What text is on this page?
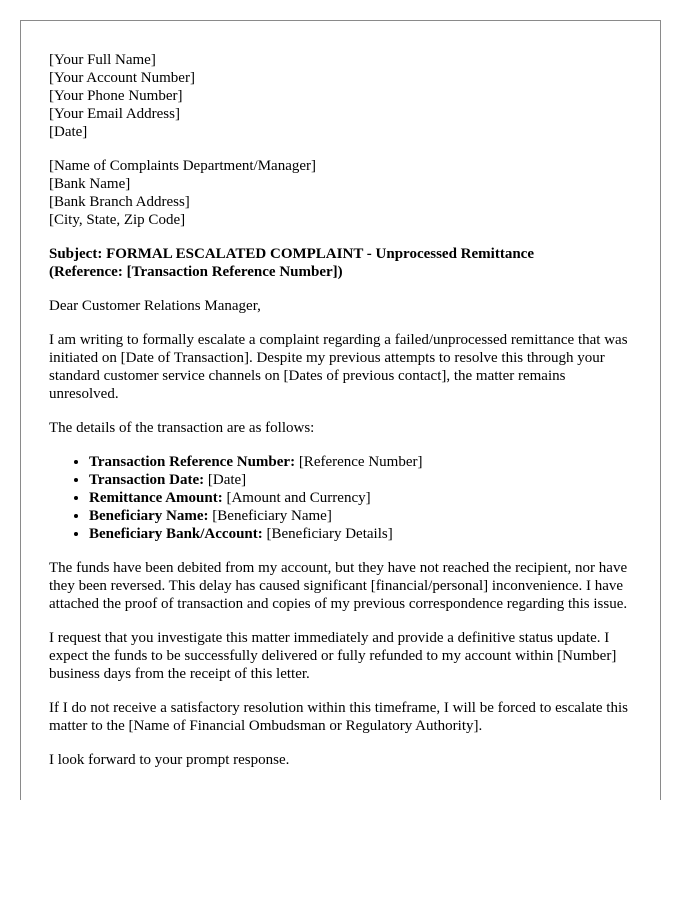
[Your Full Name]

[Your Account Number]

[Your Phone Number]

[Your Email Address]

[Date]

[Name of Complaints Department/Manager]

[Bank Name]

[Bank Branch Address]

[City, State, Zip Code]

Subject: FORMAL ESCALATED COMPLAINT - Unprocessed Remittance
(Reference: [Transaction Reference Number])

Dear Customer Relations Manager,

I am writing to formally escalate a complaint regarding a failed/unprocessed remittance that was initiated on [Date of Transaction]. Despite my previous attempts to resolve this through your standard customer service channels on [Dates of previous contact], the matter remains unresolved.

The details of the transaction are as follows:

• Transaction Reference Number: [Reference Number]
• Transaction Date: [Date]
• Remittance Amount: [Amount and Currency]
• Beneficiary Name: [Beneficiary Name]
• Beneficiary Bank/Account: [Beneficiary Details]

The funds have been debited from my account, but they have not reached the recipient, nor have they been reversed. This delay has caused significant [financial/personal] inconvenience. I have attached the proof of transaction and copies of my previous correspondence regarding this issue.

I request that you investigate this matter immediately and provide a definitive status update. I expect the funds to be successfully delivered or fully refunded to my account within [Number] business days from the receipt of this letter.

If I do not receive a satisfactory resolution within this timeframe, I will be forced to escalate this matter to the [Name of Financial Ombudsman or Regulatory Authority].

I look forward to your prompt response.
